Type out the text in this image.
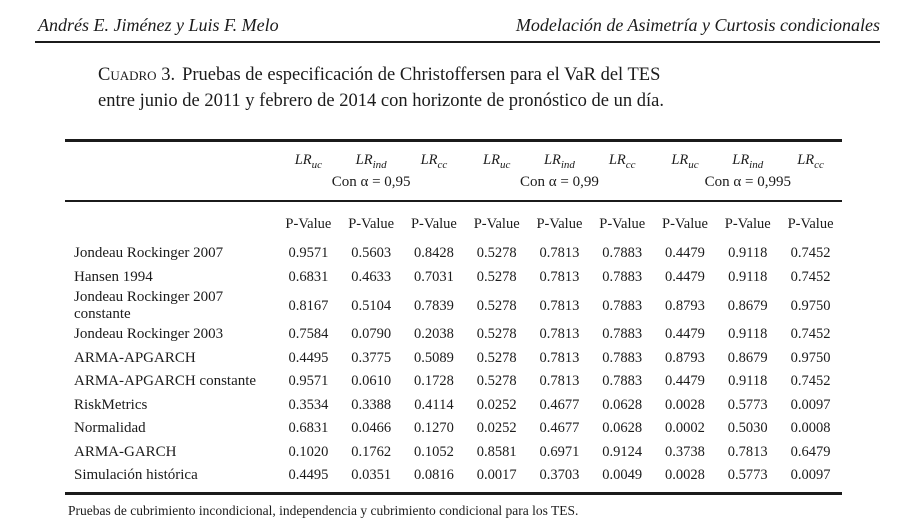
Andrés E. Jiménez y Luis F. Melo	Modelación de Asimetría y Curtosis condicionales
Cuadro 3. Pruebas de especificación de Christoffersen para el VaR del TES
entre junio de 2011 y febrero de 2014 con horizonte de pronóstico de un día.
	$LR_{uc}$	$LR_{ind}$	$LR_{cc}$	$LR_{uc}$	$LR_{ind}$	$LR_{cc}$	$LR_{uc}$	$LR_{ind}$	$LR_{cc}$
	Con α = 0,95			Con α = 0,99			Con α = 0,995		
	P-Value	P-Value	P-Value	P-Value	P-Value	P-Value	P-Value	P-Value	P-Value
Jondeau Rockinger 2007	0.9571	0.5603	0.8428	0.5278	0.7813	0.7883	0.4479	0.9118	0.7452
Hansen 1994	0.6831	0.4633	0.7031	0.5278	0.7813	0.7883	0.4479	0.9118	0.7452
Jondeau Rockinger 2007 constante	0.8167	0.5104	0.7839	0.5278	0.7813	0.7883	0.8793	0.8679	0.9750
Jondeau Rockinger 2003	0.7584	0.0790	0.2038	0.5278	0.7813	0.7883	0.4479	0.9118	0.7452
ARMA-APGARCH	0.4495	0.3775	0.5089	0.5278	0.7813	0.7883	0.8793	0.8679	0.9750
ARMA-APGARCH constante	0.9571	0.0610	0.1728	0.5278	0.7813	0.7883	0.4479	0.9118	0.7452
RiskMetrics	0.3534	0.3388	0.4114	0.0252	0.4677	0.0628	0.0028	0.5773	0.0097
Normalidad	0.6831	0.0466	0.1270	0.0252	0.4677	0.0628	0.0002	0.5030	0.0008
ARMA-GARCH	0.1020	0.1762	0.1052	0.8581	0.6971	0.9124	0.3738	0.7813	0.6479
Simulación histórica	0.4495	0.0351	0.0816	0.0017	0.3703	0.0049	0.0028	0.5773	0.0097
Pruebas de cubrimiento incondicional, independencia y cubrimiento condicional para los TES.
